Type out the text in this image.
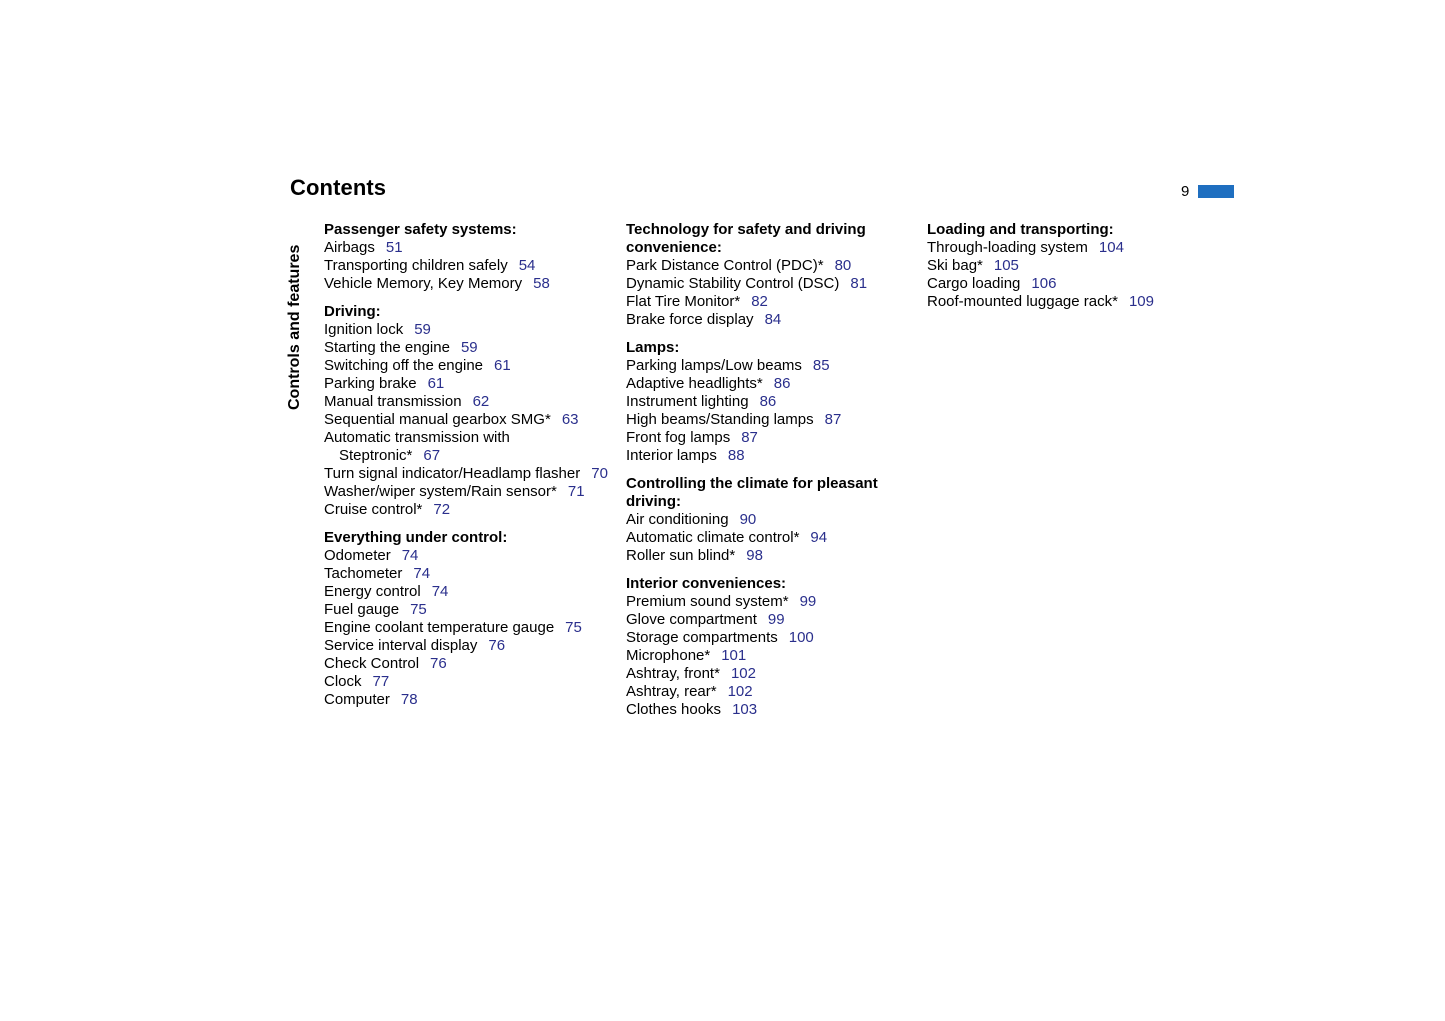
Contents	9
Controls and features
Passenger safety systems:
Airbags 51
Transporting children safely 54
Vehicle Memory, Key Memory 58
Driving:
Ignition lock 59
Starting the engine 59
Switching off the engine 61
Parking brake 61
Manual transmission 62
Sequential manual gearbox SMG* 63
Automatic transmission with Steptronic* 67
Turn signal indicator/Headlamp flasher 70
Washer/wiper system/Rain sensor* 71
Cruise control* 72
Everything under control:
Odometer 74
Tachometer 74
Energy control 74
Fuel gauge 75
Engine coolant temperature gauge 75
Service interval display 76
Check Control 76
Clock 77
Computer 78
Technology for safety and driving convenience:
Park Distance Control (PDC)* 80
Dynamic Stability Control (DSC) 81
Flat Tire Monitor* 82
Brake force display 84
Lamps:
Parking lamps/Low beams 85
Adaptive headlights* 86
Instrument lighting 86
High beams/Standing lamps 87
Front fog lamps 87
Interior lamps 88
Controlling the climate for pleasant driving:
Air conditioning 90
Automatic climate control* 94
Roller sun blind* 98
Interior conveniences:
Premium sound system* 99
Glove compartment 99
Storage compartments 100
Microphone* 101
Ashtray, front* 102
Ashtray, rear* 102
Clothes hooks 103
Loading and transporting:
Through-loading system 104
Ski bag* 105
Cargo loading 106
Roof-mounted luggage rack* 109
